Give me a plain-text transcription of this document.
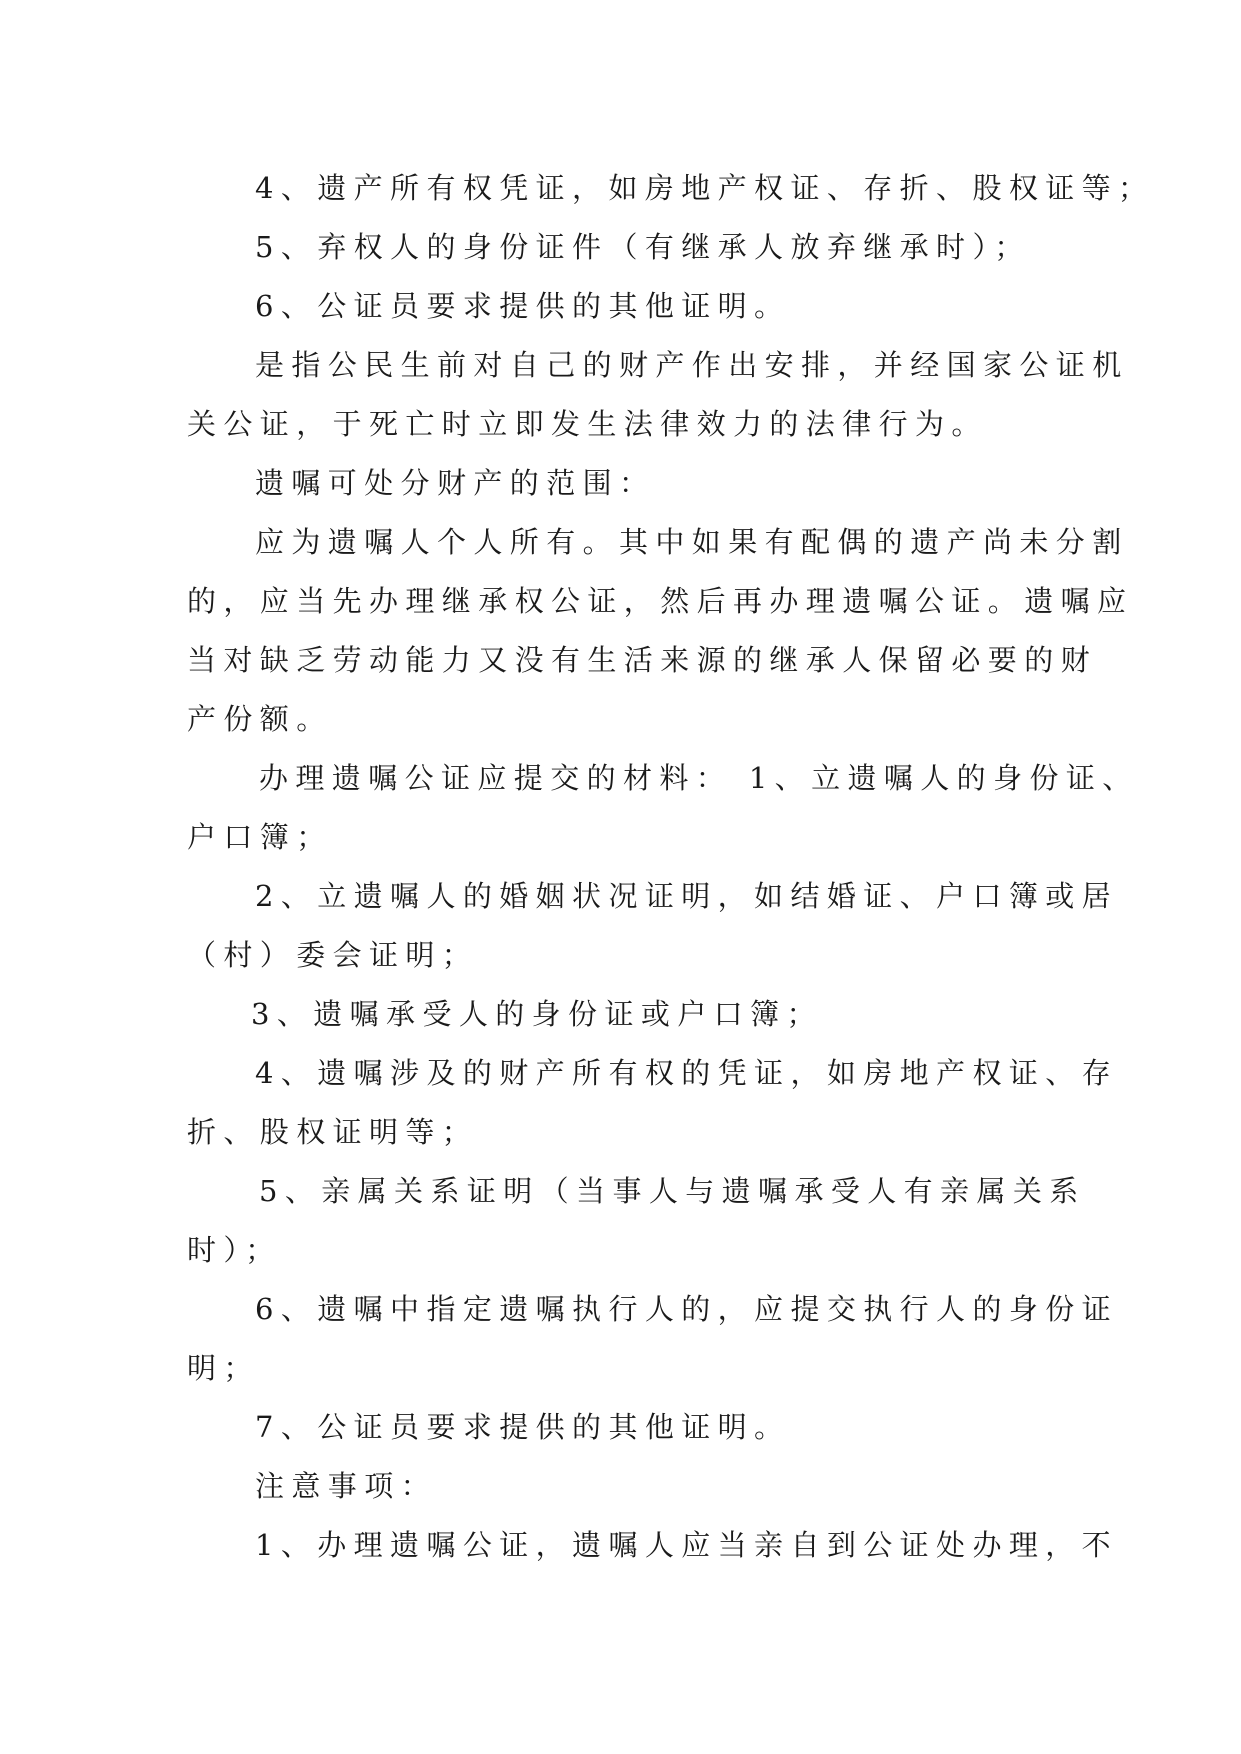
4、遗产所有权凭证，如房地产权证、存折、股权证等；
5、弃权人的身份证件（有继承人放弃继承时）；
6、公证员要求提供的其他证明。
是指公民生前对自己的财产作出安排，并经国家公证机
关公证，于死亡时立即发生法律效力的法律行为。
遗嘱可处分财产的范围：
应为遗嘱人个人所有。其中如果有配偶的遗产尚未分割
的，应当先办理继承权公证，然后再办理遗嘱公证。遗嘱应
当对缺乏劳动能力又没有生活来源的继承人保留必要的财
产份额。
办理遗嘱公证应提交的材料： 1、立遗嘱人的身份证、
户口簿；
2、立遗嘱人的婚姻状况证明，如结婚证、户口簿或居
（村）委会证明；
3、遗嘱承受人的身份证或户口簿；
4、遗嘱涉及的财产所有权的凭证，如房地产权证、存
折、股权证明等；
5、亲属关系证明（当事人与遗嘱承受人有亲属关系
时）；
6、遗嘱中指定遗嘱执行人的，应提交执行人的身份证
明；
7、公证员要求提供的其他证明。
注意事项：
1、办理遗嘱公证，遗嘱人应当亲自到公证处办理，不
